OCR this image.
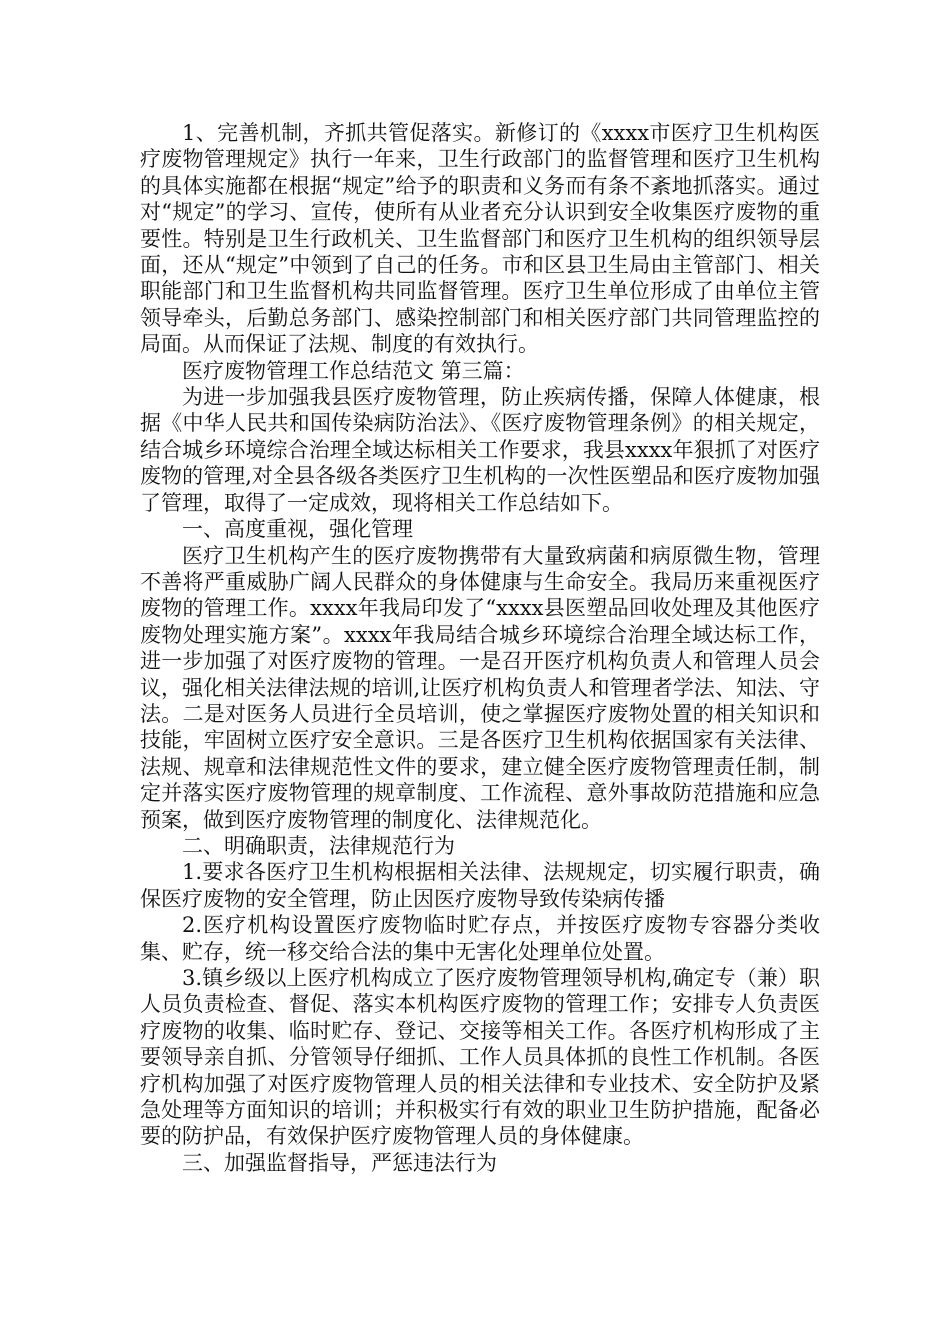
1、完善机制，齐抓共管促落实。新修订的《xxxx市医疗卫生机构医疗废物管理规定》执行一年来，卫生行政部门的监督管理和医疗卫生机构的具体实施都在根据“规定”给予的职责和义务而有条不紊地抓落实。通过对“规定”的学习、宣传，使所有从业者充分认识到安全收集医疗废物的重要性。特别是卫生行政机关、卫生监督部门和医疗卫生机构的组织领导层面，还从“规定”中领到了自己的任务。市和区县卫生局由主管部门、相关职能部门和卫生监督机构共同监督管理。医疗卫生单位形成了由单位主管领导牵头，后勤总务部门、感染控制部门和相关医疗部门共同管理监控的局面。从而保证了法规、制度的有效执行。

医疗废物管理工作总结范文 第三篇：

为进一步加强我县医疗废物管理，防止疾病传播，保障人体健康，根据《中华人民共和国传染病防治法》、《医疗废物管理条例》的相关规定，结合城乡环境综合治理全域达标相关工作要求，我县xxxx年狠抓了对医疗废物的管理,对全县各级各类医疗卫生机构的一次性医塑品和医疗废物加强了管理，取得了一定成效，现将相关工作总结如下。

一、高度重视，强化管理

医疗卫生机构产生的医疗废物携带有大量致病菌和病原微生物，管理不善将严重威胁广阔人民群众的身体健康与生命安全。我局历来重视医疗废物的管理工作。xxxx年我局印发了“xxxx县医塑品回收处理及其他医疗废物处理实施方案”。xxxx年我局结合城乡环境综合治理全域达标工作，进一步加强了对医疗废物的管理。一是召开医疗机构负责人和管理人员会议，强化相关法律法规的培训,让医疗机构负责人和管理者学法、知法、守法。二是对医务人员进行全员培训，使之掌握医疗废物处置的相关知识和技能，牢固树立医疗安全意识。三是各医疗卫生机构依据国家有关法律、法规、规章和法律规范性文件的要求，建立健全医疗废物管理责任制，制定并落实医疗废物管理的规章制度、工作流程、意外事故防范措施和应急预案，做到医疗废物管理的制度化、法律规范化。

二、明确职责，法律规范行为

1.要求各医疗卫生机构根据相关法律、法规规定，切实履行职责，确保医疗废物的安全管理，防止因医疗废物导致传染病传播

2.医疗机构设置医疗废物临时贮存点，并按医疗废物专容器分类收集、贮存，统一移交给合法的集中无害化处理单位处置。

3.镇乡级以上医疗机构成立了医疗废物管理领导机构,确定专（兼）职人员负责检查、督促、落实本机构医疗废物的管理工作；安排专人负责医疗废物的收集、临时贮存、登记、交接等相关工作。各医疗机构形成了主要领导亲自抓、分管领导仔细抓、工作人员具体抓的良性工作机制。各医疗机构加强了对医疗废物管理人员的相关法律和专业技术、安全防护及紧急处理等方面知识的培训；并积极实行有效的职业卫生防护措施，配备必要的防护品，有效保护医疗废物管理人员的身体健康。

三、加强监督指导，严惩违法行为
